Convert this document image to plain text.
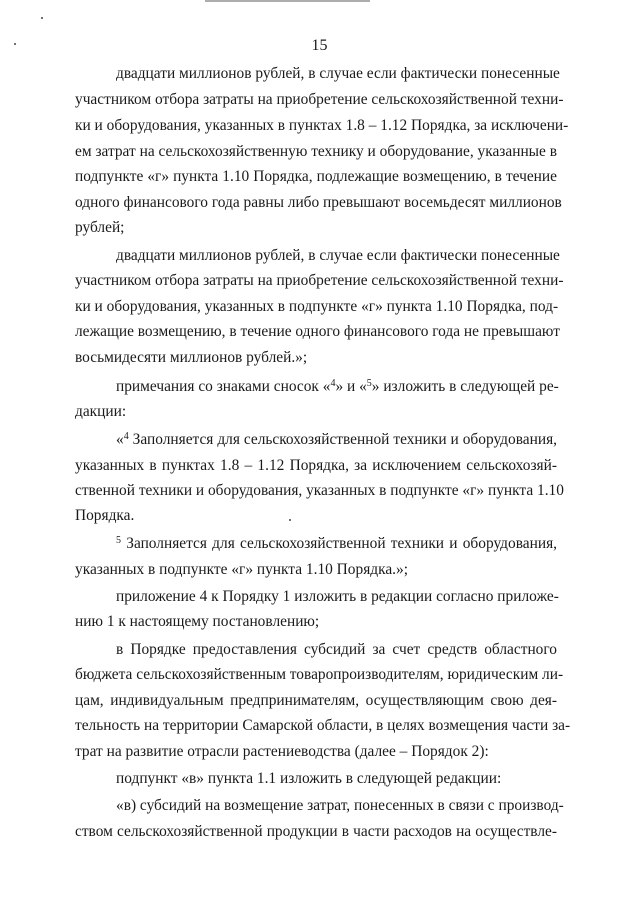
15
двадцати миллионов рублей, в случае если фактически понесенные
участником отбора затраты на приобретение сельскохозяйственной техни-
ки и оборудования, указанных в пунктах 1.8 – 1.12 Порядка, за исключени-
ем затрат на сельскохозяйственную технику и оборудование, указанные в
подпункте «г» пункта 1.10 Порядка, подлежащие возмещению, в течение
одного финансового года равны либо превышают восемьдесят миллионов
рублей;
двадцати миллионов рублей, в случае если фактически понесенные
участником отбора затраты на приобретение сельскохозяйственной техни-
ки и оборудования, указанных в подпункте «г» пункта 1.10 Порядка, под-
лежащие возмещению, в течение одного финансового года не превышают
восьмидесяти миллионов рублей.»;
примечания со знаками сносок «$^4$» и «$^5$» изложить в следующей ре-
дакции:
«$^4$ Заполняется для сельскохозяйственной техники и оборудования,
указанных в пунктах 1.8 – 1.12 Порядка, за исключением сельскохозяй-
ственной техники и оборудования, указанных в подпункте «г» пункта 1.10
Порядка.
$^5$ Заполняется для сельскохозяйственной техники и оборудования,
указанных в подпункте «г» пункта 1.10 Порядка.»;
приложение 4 к Порядку 1 изложить в редакции согласно приложе-
нию 1 к настоящему постановлению;
в Порядке предоставления субсидий за счет средств областного
бюджета сельскохозяйственным товаропроизводителям, юридическим ли-
цам, индивидуальным предпринимателям, осуществляющим свою дея-
тельность на территории Самарской области, в целях возмещения части за-
трат на развитие отрасли растениеводства (далее – Порядок 2):
подпункт «в» пункта 1.1 изложить в следующей редакции:
«в) субсидий на возмещение затрат, понесенных в связи с производ-
ством сельскохозяйственной продукции в части расходов на осуществле-
